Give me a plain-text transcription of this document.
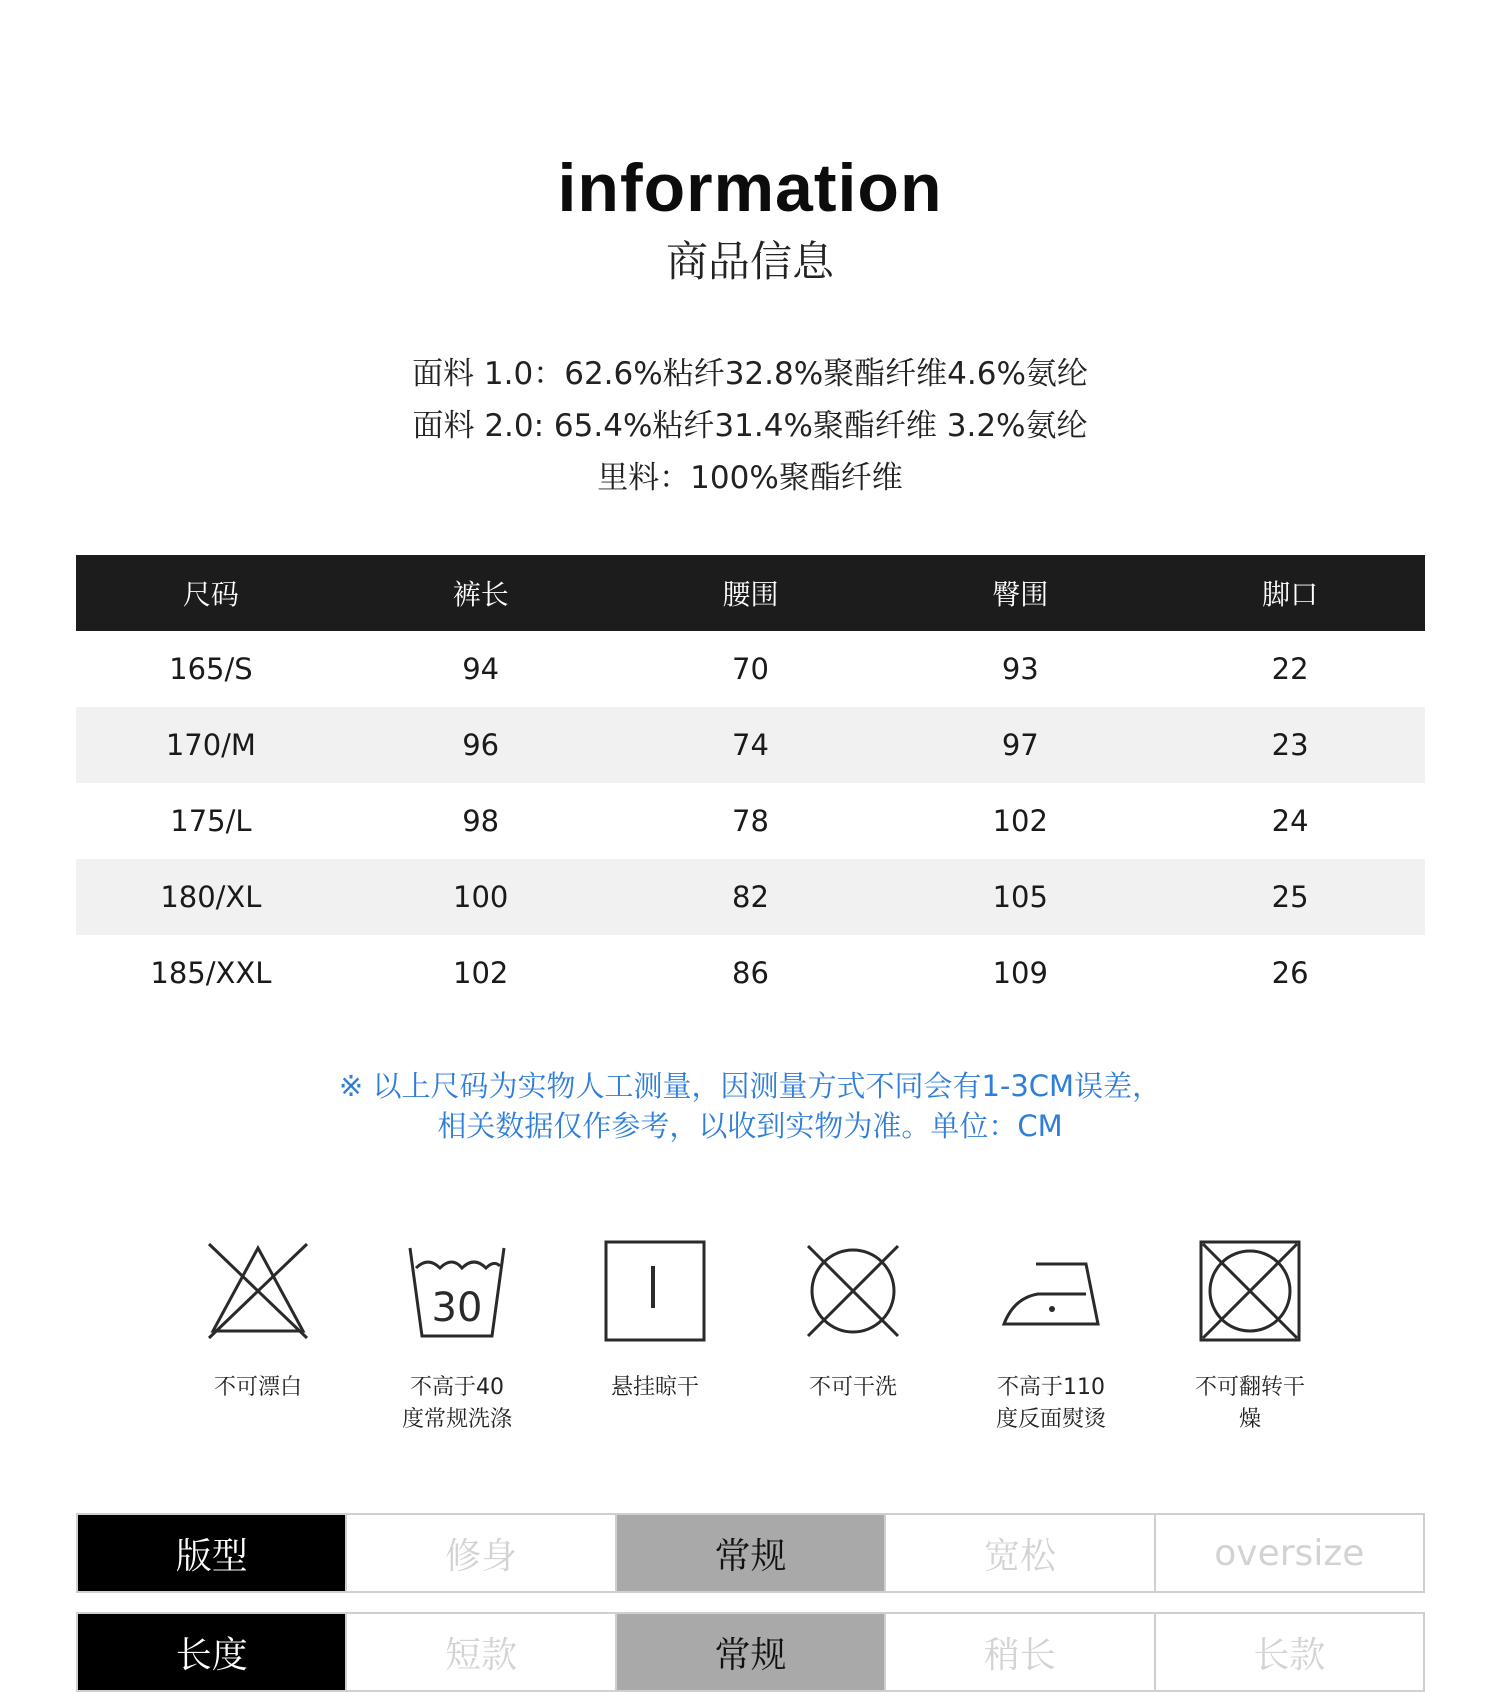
information
商品信息
面料 1.0：62.6%粘纤32.8%聚酯纤维4.6%氨纶
面料 2.0: 65.4%粘纤31.4%聚酯纤维 3.2%氨纶
里料：100%聚酯纤维
尺码	裤长	腰围	臀围	脚口
165/S	94	70	93	22
170/M	96	74	97	23
175/L	98	78	102	24
180/XL	100	82	105	25
185/XXL	102	86	109	26
※ 以上尺码为实物人工测量，因测量方式不同会有1-3CM误差，
相关数据仅作参考，以收到实物为准。单位：CM
不可漂白
30
不高于40
度常规洗涤
悬挂晾干	不可干洗	不高于110
度反面熨烫
不可翻转干
燥
版型	修身	常规	宽松	oversize
长度	短款	常规	稍长	长款
